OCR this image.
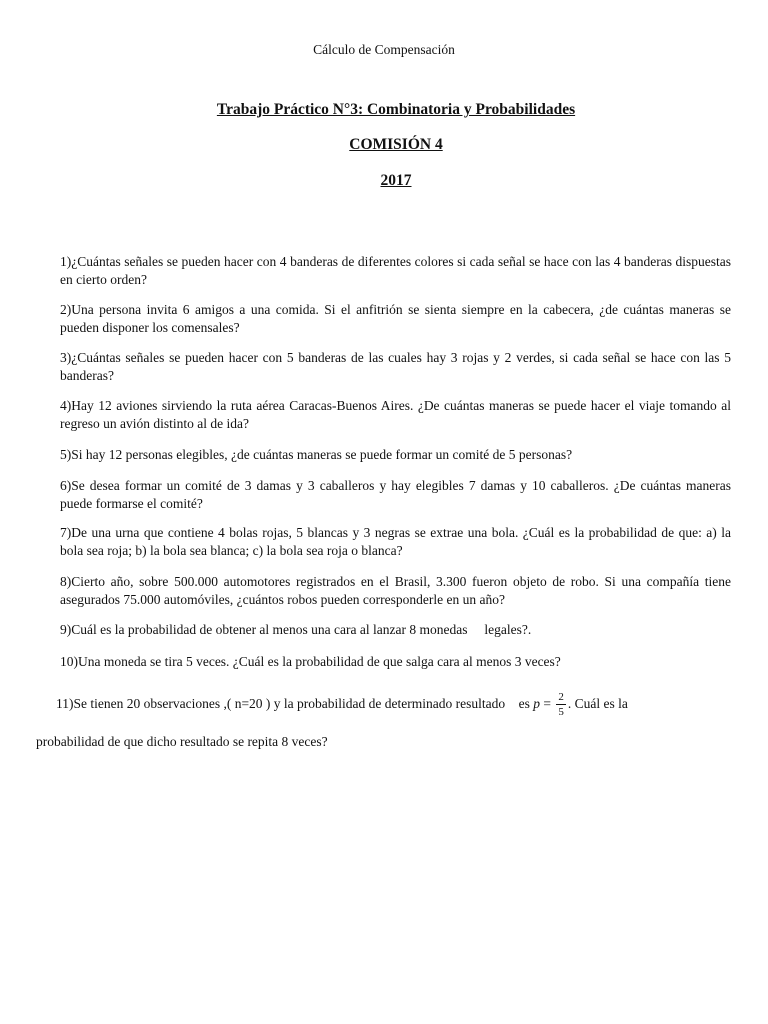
Cálculo de Compensación
Trabajo Práctico N°3: Combinatoria y Probabilidades
COMISIÓN 4
2017
1)¿Cuántas señales se pueden hacer con 4 banderas de diferentes colores si cada señal se hace con las 4 banderas dispuestas en cierto orden?
2)Una persona invita 6 amigos a una comida. Si el anfitrión se sienta siempre en la cabecera, ¿de cuántas maneras se pueden disponer los comensales?
3)¿Cuántas señales se pueden hacer con 5 banderas de las cuales hay 3 rojas y 2 verdes, si cada señal se hace con las 5 banderas?
4)Hay 12 aviones sirviendo la ruta aérea Caracas-Buenos Aires. ¿De cuántas maneras se puede hacer el viaje tomando al regreso un avión distinto al de ida?
5)Si hay 12 personas elegibles, ¿de cuántas maneras se puede formar un comité de 5 personas?
6)Se desea formar un comité de 3 damas y 3 caballeros y hay elegibles 7 damas y 10 caballeros. ¿De cuántas maneras puede formarse el comité?
7)De una urna que contiene 4 bolas rojas, 5 blancas y 3 negras se extrae una bola. ¿Cuál es la probabilidad de que: a) la bola sea roja; b) la bola sea blanca; c) la bola sea roja o blanca?
8)Cierto año, sobre 500.000 automotores registrados en el Brasil, 3.300 fueron objeto de robo. Si una compañía tiene asegurados 75.000 automóviles, ¿cuántos robos pueden corresponderle en un año?
9)Cuál es la probabilidad de obtener al menos una cara al lanzar 8 monedas     legales?.
10)Una moneda se tira 5 veces. ¿Cuál es la probabilidad de que salga cara al menos 3 veces?
11)Se tienen 20 observaciones ,( n=20 ) y la probabilidad de determinado resultado    es $p = \frac{2}{5}$ . Cuál es la
probabilidad de que dicho resultado se repita 8 veces?
